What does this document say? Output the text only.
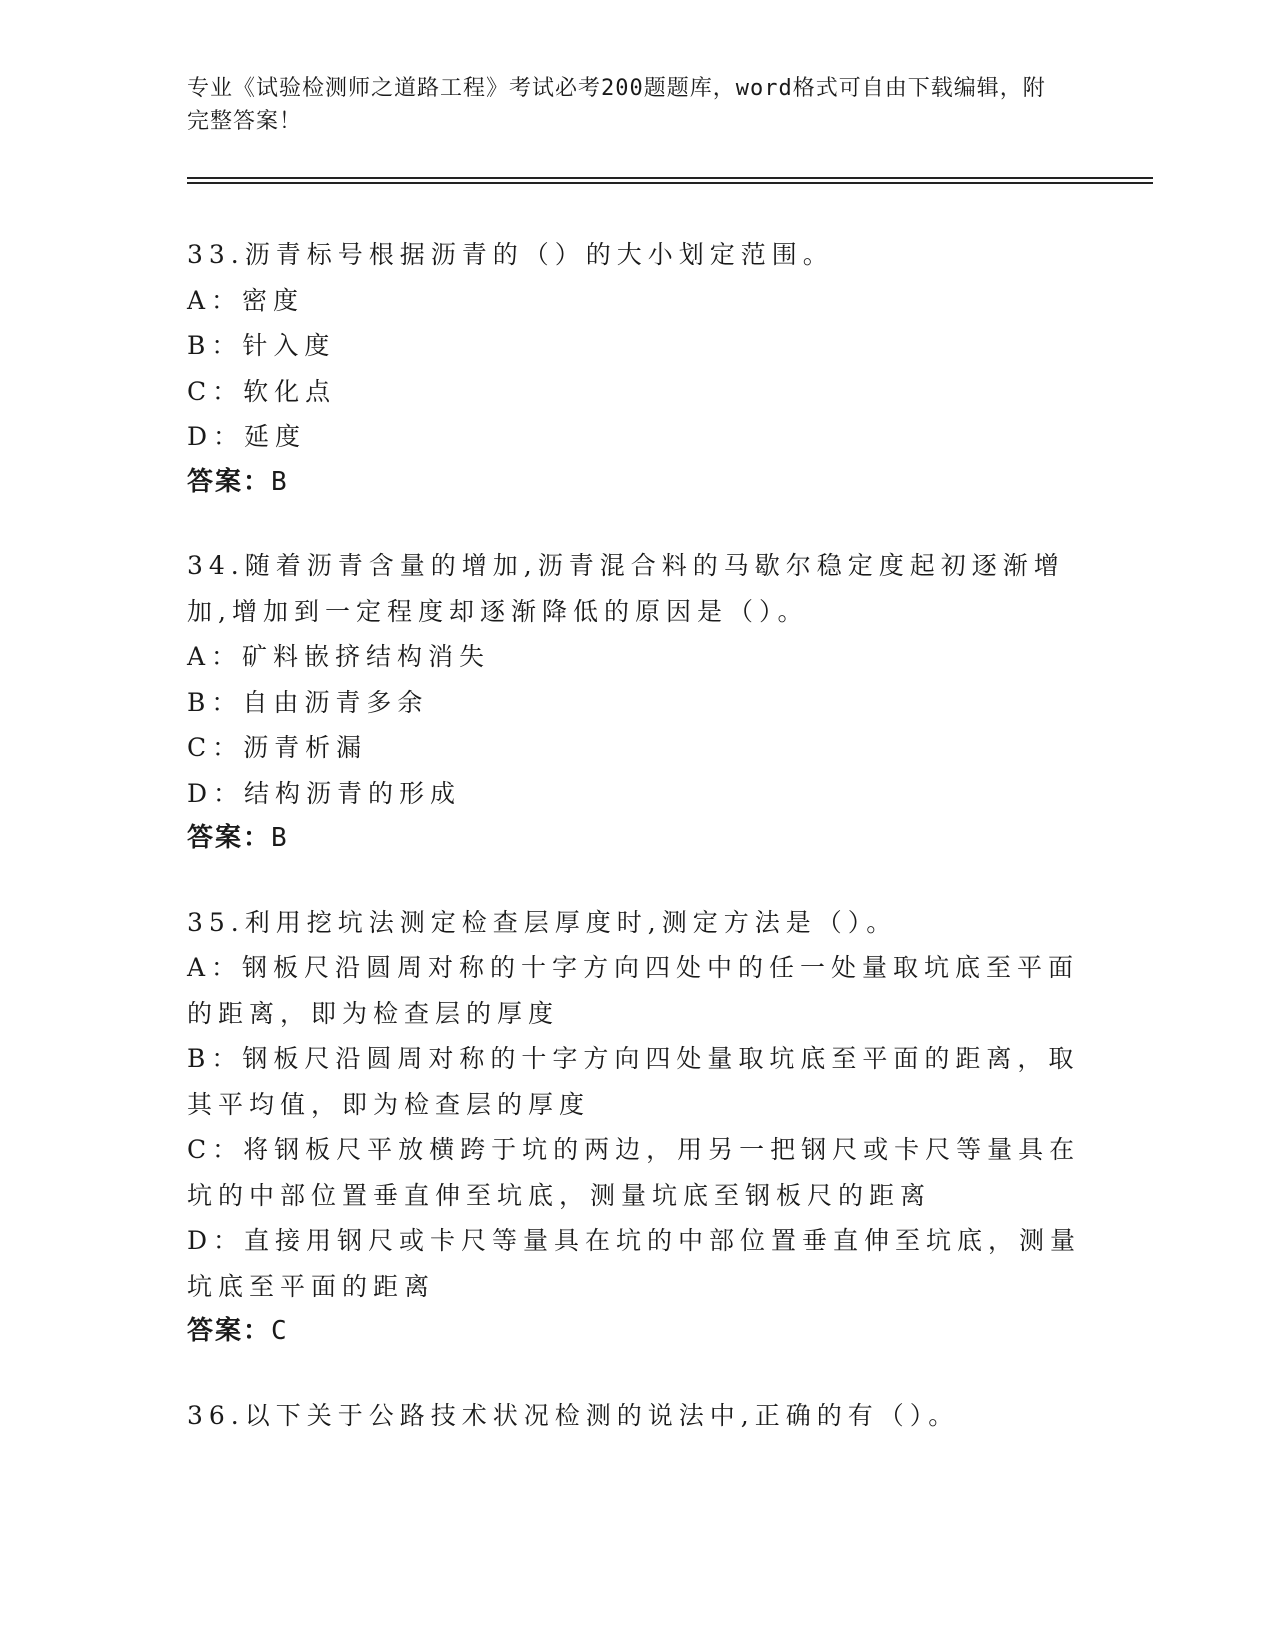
专业《试验检测师之道路工程》考试必考200题题库，word格式可自由下载编辑，附完整答案！

33.沥青标号根据沥青的（）的大小划定范围。

A：密度

B：针入度

C：软化点

D：延度

答案：B

34.随着沥青含量的增加,沥青混合料的马歇尔稳定度起初逐渐增加,增加到一定程度却逐渐降低的原因是（）。

A：矿料嵌挤结构消失

B：自由沥青多余

C：沥青析漏

D：结构沥青的形成

答案：B

35.利用挖坑法测定检查层厚度时,测定方法是（）。

A：钢板尺沿圆周对称的十字方向四处中的任一处量取坑底至平面的距离，即为检查层的厚度

B：钢板尺沿圆周对称的十字方向四处量取坑底至平面的距离，取其平均值，即为检查层的厚度

C：将钢板尺平放横跨于坑的两边，用另一把钢尺或卡尺等量具在坑的中部位置垂直伸至坑底，测量坑底至钢板尺的距离

D：直接用钢尺或卡尺等量具在坑的中部位置垂直伸至坑底，测量坑底至平面的距离

答案：C

36.以下关于公路技术状况检测的说法中,正确的有（）。
